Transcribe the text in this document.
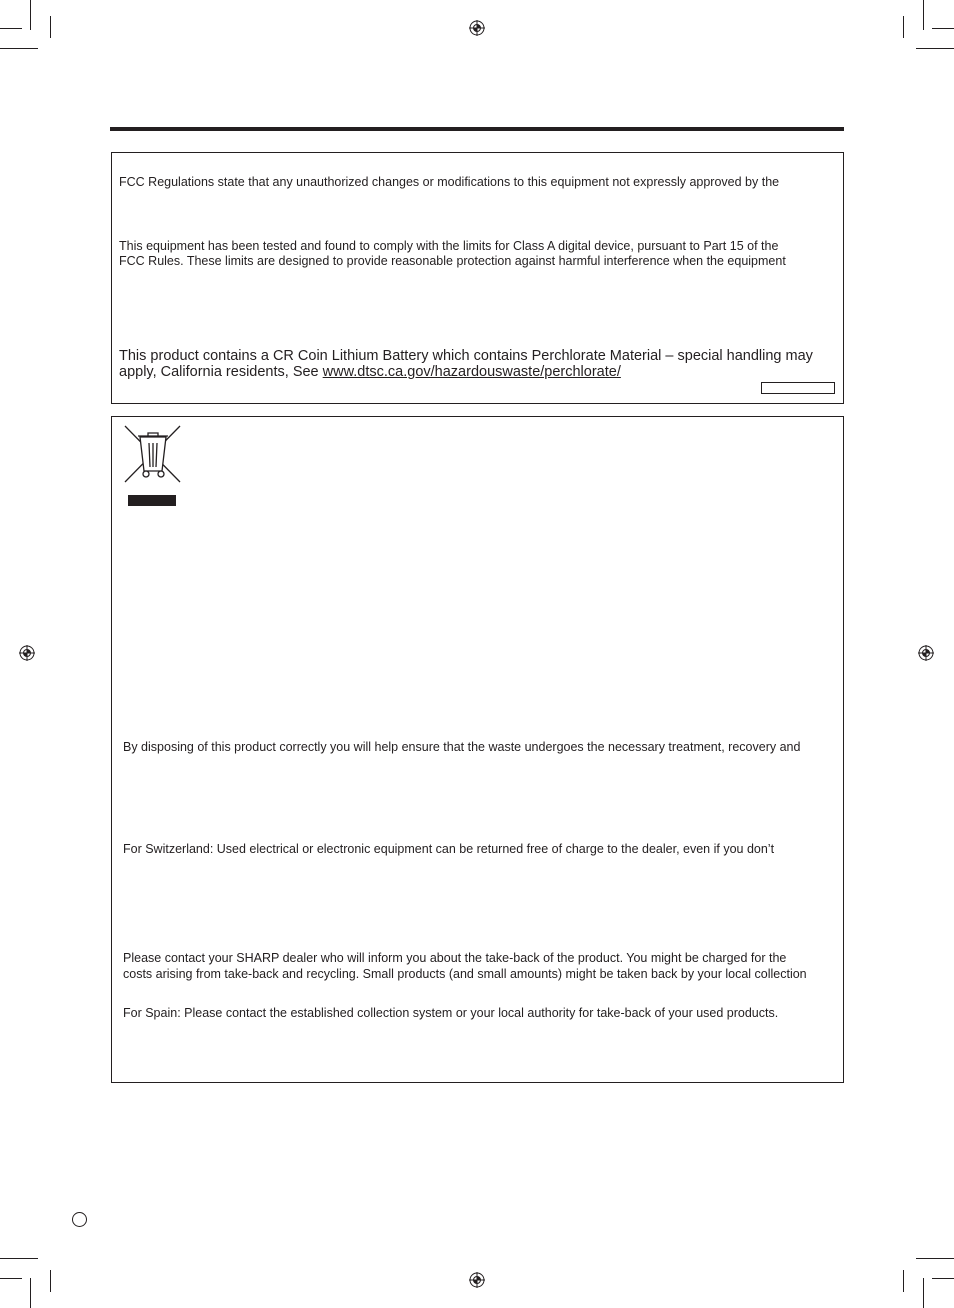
FCC Regulations state that any unauthorized changes or modifications to this equipment not expressly approved by the
This equipment has been tested and found to comply with the limits for Class A digital device, pursuant to Part 15 of the
FCC Rules. These limits are designed to provide reasonable protection against harmful interference when the equipment
This product contains a CR Coin Lithium Battery which contains Perchlorate Material – special handling may
apply, California residents, See www.dtsc.ca.gov/hazardouswaste/perchlorate/
By disposing of this product correctly you will help ensure that the waste undergoes the necessary treatment, recovery and
For Switzerland: Used electrical or electronic equipment can be returned free of charge to the dealer, even if you don’t
Please contact your SHARP dealer who will inform you about the take-back of the product. You might be charged for the
costs arising from take-back and recycling. Small products (and small amounts) might be taken back by your local collection
For Spain: Please contact the established collection system or your local authority for take-back of your used products.
